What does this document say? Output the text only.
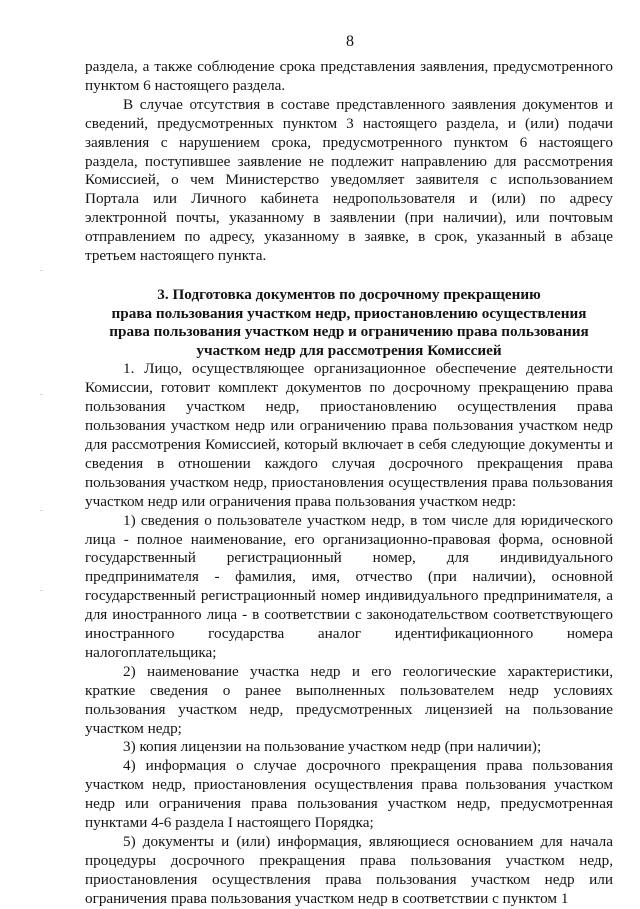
8

раздела, а также соблюдение срока представления заявления, предусмотренного пунктом 6 настоящего раздела.

В случае отсутствия в составе представленного заявления документов и сведений, предусмотренных пунктом 3 настоящего раздела, и (или) подачи заявления с нарушением срока, предусмотренного пунктом 6 настоящего раздела, поступившее заявление не подлежит направлению для рассмотрения Комиссией, о чем Министерство уведомляет заявителя с использованием Портала или Личного кабинета недропользователя и (или) по адресу электронной почты, указанному в заявлении (при наличии), или почтовым отправлением по адресу, указанному в заявке, в срок, указанный в абзаце третьем настоящего пункта.

3. Подготовка документов по досрочному прекращению
права пользования участком недр, приостановлению осуществления
права пользования участком недр и ограничению права пользования
участком недр для рассмотрения Комиссией

1. Лицо, осуществляющее организационное обеспечение деятельности Комиссии, готовит комплект документов по досрочному прекращению права пользования участком недр, приостановлению осуществления права пользования участком недр или ограничению права пользования участком недр для рассмотрения Комиссией, который включает в себя следующие документы и сведения в отношении каждого случая досрочного прекращения права пользования участком недр, приостановления осуществления права пользования участком недр или ограничения права пользования участком недр:

1) сведения о пользователе участком недр, в том числе для юридического лица - полное наименование, его организационно-правовая форма, основной государственный регистрационный номер, для индивидуального предпринимателя - фамилия, имя, отчество (при наличии), основной государственный регистрационный номер индивидуального предпринимателя, а для иностранного лица - в соответствии с законодательством соответствующего иностранного государства аналог идентификационного номера налогоплательщика;

2) наименование участка недр и его геологические характеристики, краткие сведения о ранее выполненных пользователем недр условиях пользования участком недр, предусмотренных лицензией на пользование участком недр;

3) копия лицензии на пользование участком недр (при наличии);

4) информация о случае досрочного прекращения права пользования участком недр, приостановления осуществления права пользования участком недр или ограничения права пользования участком недр, предусмотренная пунктами 4-6 раздела I настоящего Порядка;

5) документы и (или) информация, являющиеся основанием для начала процедуры досрочного прекращения права пользования участком недр, приостановления осуществления права пользования участком недр или ограничения права пользования участком недр в соответствии с пунктом 1
